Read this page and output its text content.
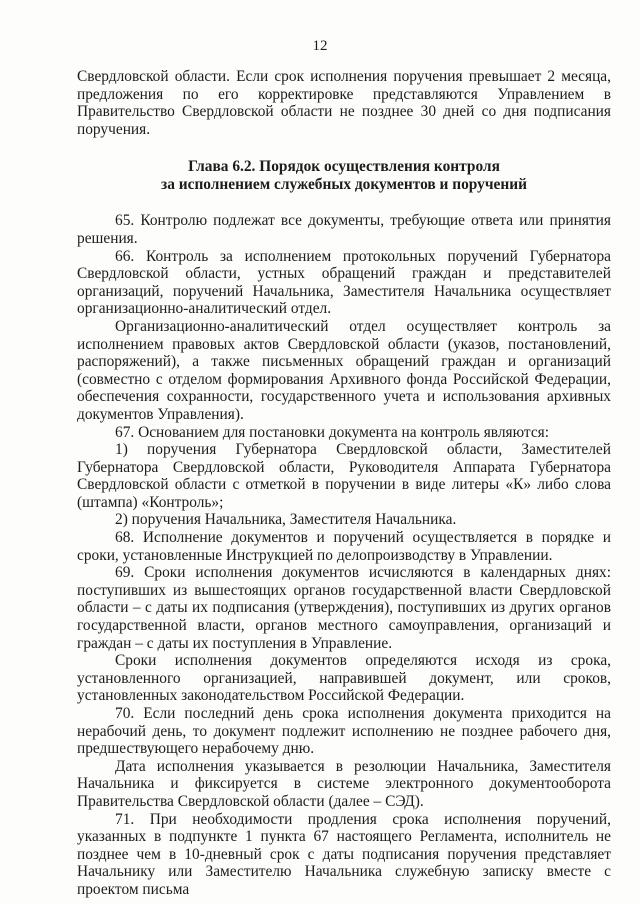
12

Свердловской области. Если срок исполнения поручения превышает 2 месяца, предложения по его корректировке представляются Управлением в Правительство Свердловской области не позднее 30 дней со дня подписания поручения.

Глава 6.2. Порядок осуществления контроля
за исполнением служебных документов и поручений

65. Контролю подлежат все документы, требующие ответа или принятия решения.

66. Контроль за исполнением протокольных поручений Губернатора Свердловской области, устных обращений граждан и представителей организаций, поручений Начальника, Заместителя Начальника осуществляет организационно-аналитический отдел.

Организационно-аналитический отдел осуществляет контроль за исполнением правовых актов Свердловской области (указов, постановлений, распоряжений), а также письменных обращений граждан и организаций (совместно с отделом формирования Архивного фонда Российской Федерации, обеспечения сохранности, государственного учета и использования архивных документов Управления).

67. Основанием для постановки документа на контроль являются:

1) поручения Губернатора Свердловской области, Заместителей Губернатора Свердловской области, Руководителя Аппарата Губернатора Свердловской области с отметкой в поручении в виде литеры «К» либо слова (штампа) «Контроль»;

2) поручения Начальника, Заместителя Начальника.

68. Исполнение документов и поручений осуществляется в порядке и сроки, установленные Инструкцией по делопроизводству в Управлении.

69. Сроки исполнения документов исчисляются в календарных днях: поступивших из вышестоящих органов государственной власти Свердловской области – с даты их подписания (утверждения), поступивших из других органов государственной власти, органов местного самоуправления, организаций и граждан – с даты их поступления в Управление.

Сроки исполнения документов определяются исходя из срока, установленного организацией, направившей документ, или сроков, установленных законодательством Российской Федерации.

70. Если последний день срока исполнения документа приходится на нерабочий день, то документ подлежит исполнению не позднее рабочего дня, предшествующего нерабочему дню.

Дата исполнения указывается в резолюции Начальника, Заместителя Начальника и фиксируется в системе электронного документооборота Правительства Свердловской области (далее – СЭД).

71. При необходимости продления срока исполнения поручений, указанных в подпункте 1 пункта 67 настоящего Регламента, исполнитель не позднее чем в 10-дневный срок с даты подписания поручения представляет Начальнику или Заместителю Начальника служебную записку вместе с проектом письма
